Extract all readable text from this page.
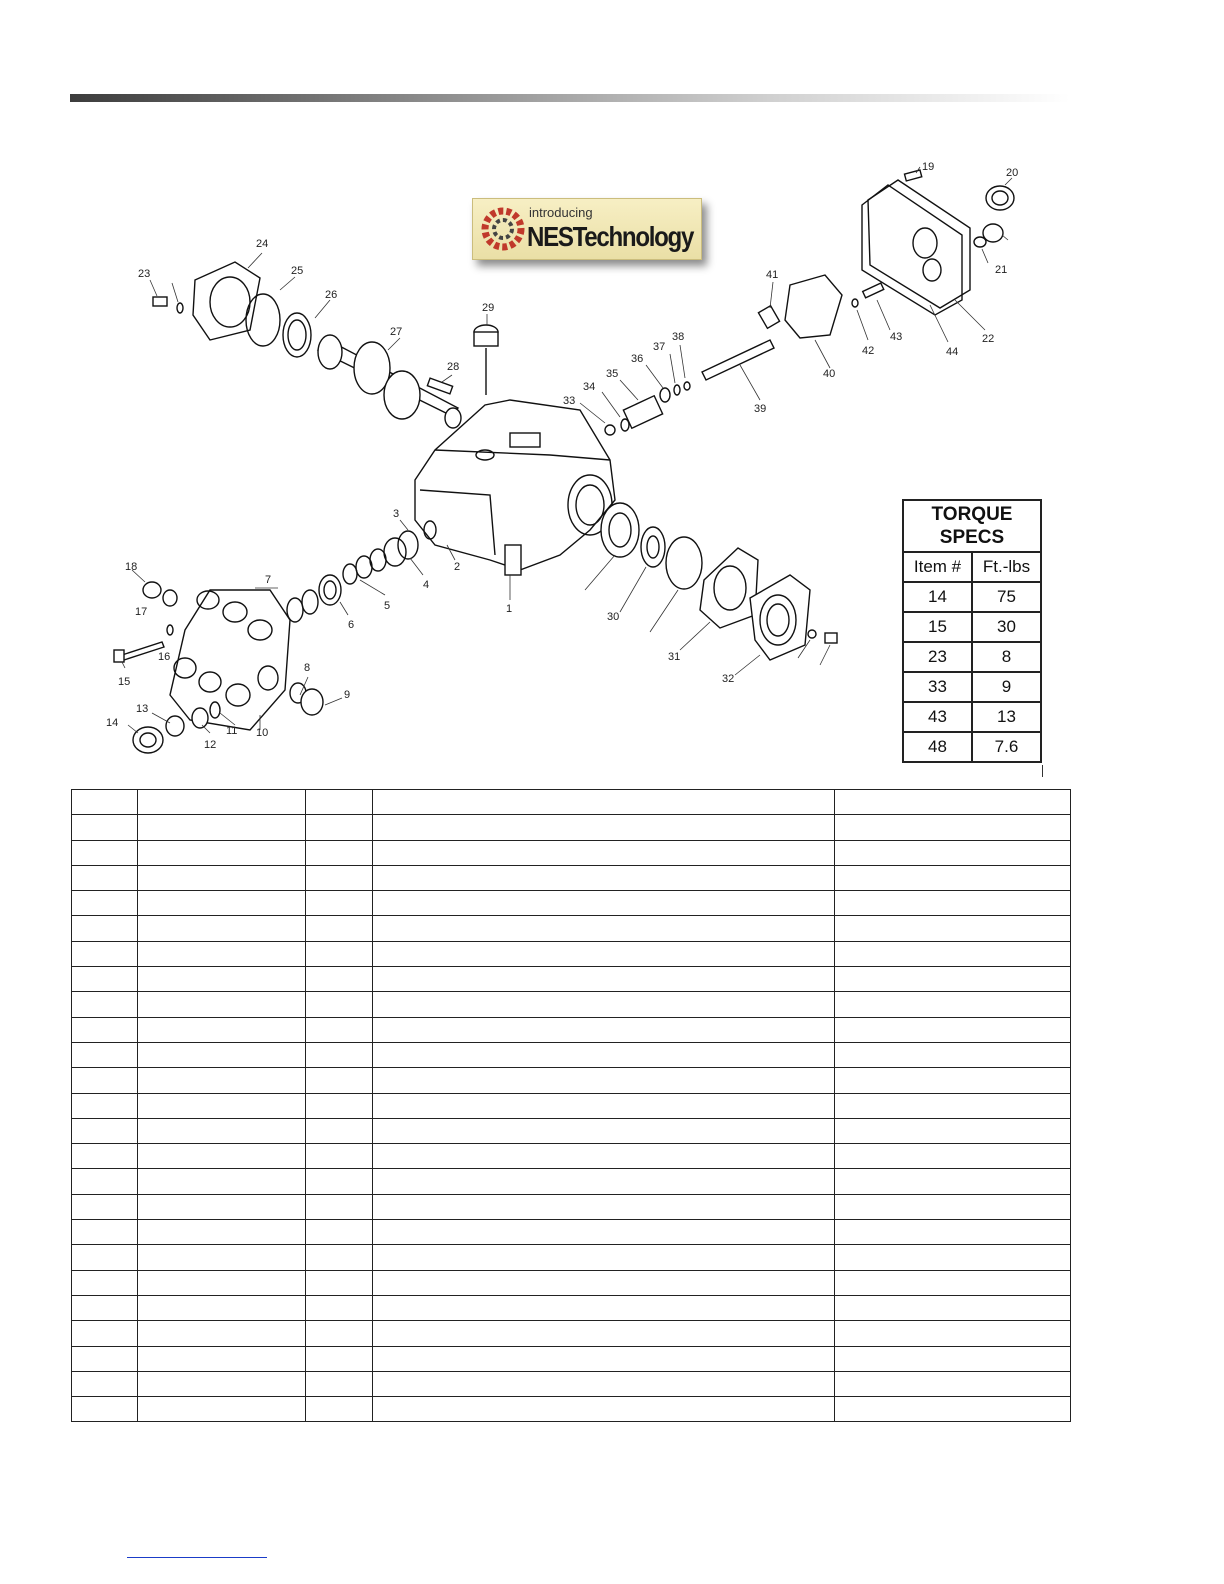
1
2
3
4
5
6
7
8
9
10
11
12
13
14
15
16
17
18
19	20
21
22
23
24
25
26
27
28
29
30
31
32
33
34
35
36
37
38
39
40
41
42
43
44
introducing
NESTechnology
TORQUE
SPECS	
Item #	Ft.-lbs
14	75
15	30
23	8
33	9
43	13
48	7.6
